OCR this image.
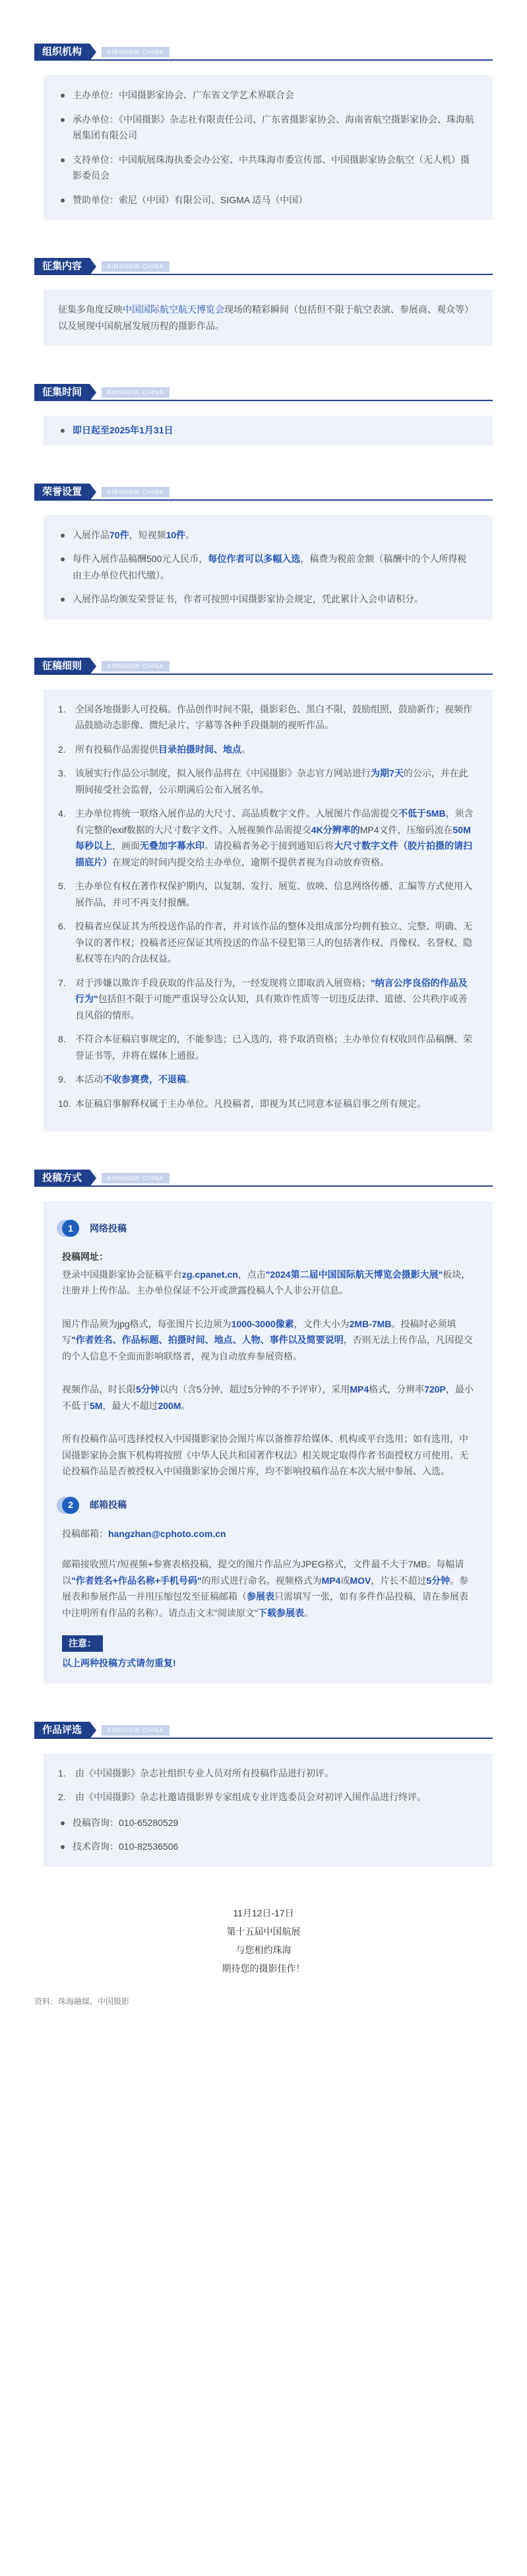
组织机构	AIRSHOW CHINA
主办单位：中国摄影家协会、广东省文学艺术界联合会
承办单位：《中国摄影》杂志社有限责任公司、广东省摄影家协会、海南省航空摄影家协会、珠海航展集团有限公司
支持单位：中国航展珠海执委会办公室、中共珠海市委宣传部、中国摄影家协会航空（无人机）摄影委员会
赞助单位：索尼（中国）有限公司、SIGMA 适马（中国）
征集内容	AIRSHOW CHINA

征集多角度反映中国国际航空航天博览会现场的精彩瞬间（包括但不限于航空表演、参展商、观众等）以及展现中国航展发展历程的摄影作品。

征集时间	AIRSHOW CHINA
即日起至2025年1月31日
荣誉设置	AIRSHOW CHINA
入展作品70件，短视频10件。
每件入展作品稿酬500元人民币，每位作者可以多幅入选，稿费为税前金额（稿酬中的个人所得税由主办单位代扣代缴）。
入展作品均颁发荣誉证书，作者可按照中国摄影家协会规定，凭此累计入会申请积分。
征稿细则	AIRSHOW CHINA
1.	全国各地摄影人可投稿。作品创作时间不限，摄影彩色、黑白不限，鼓励组照，鼓励新作；视频作品鼓励动态影像、微纪录片、字幕等各种手段摄制的视听作品。
2.	所有投稿作品需提供目录拍摄时间、地点。
3.	该展实行作品公示制度，拟入展作品将在《中国摄影》杂志官方网站进行为期7天的公示，并在此期间接受社会监督，公示期满后公布入展名单。
4.	主办单位将统一联络入展作品的大尺寸、高品质数字文件。入展图片作品需提交不低于5MB，须含有完整的exif数据的大尺寸数字文件。入展视频作品需提交4K分辨率的MP4文件，压缩码流在50M每秒以上，画面无叠加字幕水印。请投稿者务必于接到通知后将大尺寸数字文件（胶片拍摄的请扫描底片）在规定的时间内提交给主办单位，逾期不提供者视为自动放弃资格。
5.	主办单位有权在著作权保护期内，以复制、发行、展览、放映、信息网络传播、汇编等方式使用入展作品，并可不再支付报酬。
6.	投稿者应保证其为所投送作品的作者，并对该作品的整体及组成部分均拥有独立、完整、明确、无争议的著作权；投稿者还应保证其所投送的作品不侵犯第三人的包括著作权、肖像权、名誉权、隐私权等在内的合法权益。
7.	对于涉嫌以欺诈手段获取的作品及行为，一经发现将立即取消入展资格；"纳言公序良俗的作品及行为"包括但不限于可能严重误导公众认知，具有欺诈性质等一切违反法律、道德、公共秩序或善良风俗的情形。
8.	不符合本征稿启事规定的，不能参选；已入选的，将予取消资格；主办单位有权收回作品稿酬、荣誉证书等，并将在媒体上通报。
9.	本活动不收参赛费，不退稿。
10. 本征稿启事解释权属于主办单位。凡投稿者，即视为其已同意本征稿启事之所有规定。
投稿方式	AIRSHOW CHINA
1	网络投稿

投稿网址：

登录中国摄影家协会征稿平台zg.cpanet.cn，点击"2024第二届中国国际航天博览会摄影大展"板块，注册并上传作品。主办单位保证不公开或泄露投稿人个人非公开信息。

图片作品须为jpg格式，每张图片长边须为1000-3000像素，文件大小为2MB-7MB。投稿时必须填写"作者姓名、作品标题、拍摄时间、地点、人物、事件以及简要说明，否则无法上传作品，凡因提交的个人信息不全面而影响联络者，视为自动放弃参展资格。

视频作品，时长限5分钟以内（含5分钟，超过5分钟的不予评审），采用MP4格式，分辨率720P，最小不低于5M，最大不超过200M。

所有投稿作品可选择授权入中国摄影家协会图片库以备推荐给媒体、机构或平台选用；如有选用，中国摄影家协会旗下机构将按照《中华人民共和国著作权法》相关规定取得作者书面授权方可使用。无论投稿作品是否被授权入中国摄影家协会图片库，均不影响投稿作品在本次大展中参展、入选。

2	邮箱投稿

投稿邮箱：hangzhan@cphoto.com.cn

邮箱接收照片/短视频+参赛表格投稿，提交的图片作品应为JPEG格式，文件最不大于7MB。每幅请以"作者姓名+作品名称+手机号码"的形式进行命名。视频格式为MP4或MOV，片长不超过5分钟。参展表和参展作品一并用压缩包发至征稿邮箱（参展表只需填写一张，如有多件作品投稿，请在参展表中注明所有作品的名称）。请点击文末"阅读原文"下载参展表。

注意：

以上两种投稿方式请勿重复!

作品评选	AIRSHOW CHINA
1.	由《中国摄影》杂志社组织专业人员对所有投稿作品进行初评。
2.	由《中国摄影》杂志社邀请摄影界专家组成专业评选委员会对初评入围作品进行终评。
投稿咨询：010-65280529
技术咨询：010-82536506
11月12日-17日
第十五届中国航展
与您相约珠海
期待您的摄影佳作！
资料：珠海融媒、中国摄影
